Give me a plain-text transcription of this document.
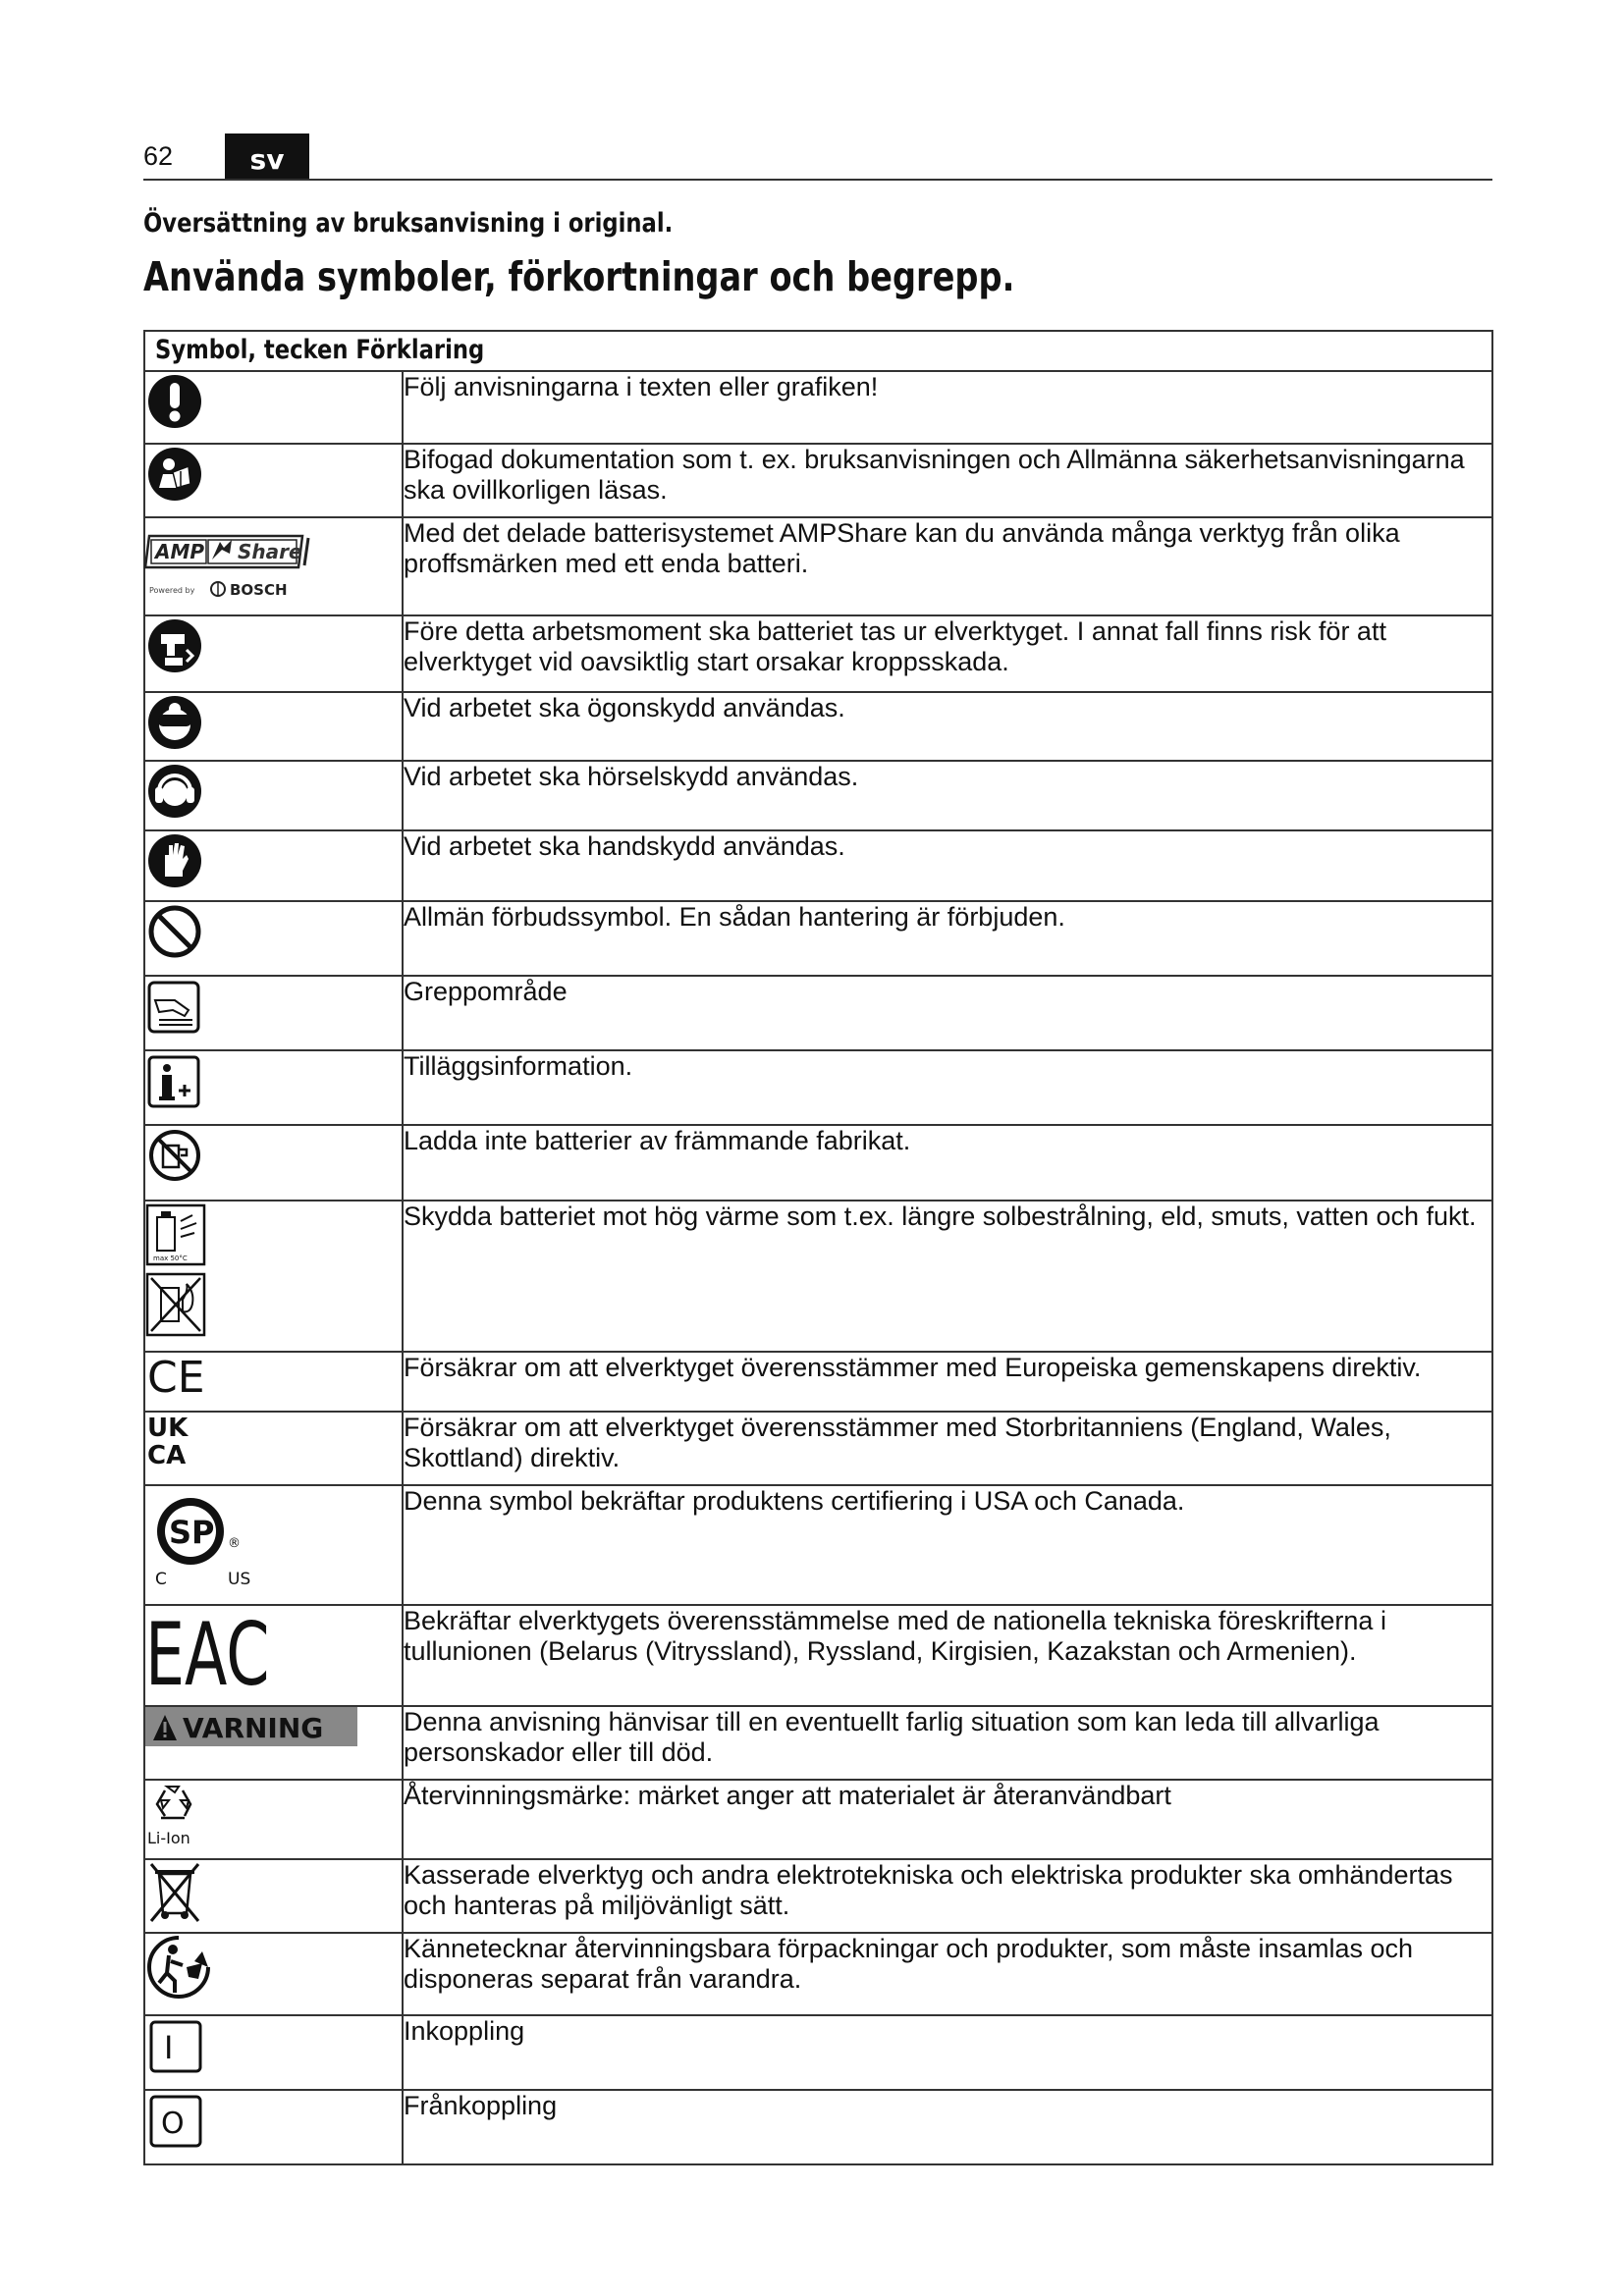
62	sv
Översättning av bruksanvisning i original.
Använda symboler, förkortningar och begrepp.
Symbol, tecken Förklaring	

	Följ anvisningarna i texten eller grafiken!

	Bifogad dokumentation som t. ex. bruksanvisningen och Allmänna säkerhetsanvisningarna ska ovillkorligen läsas.

AMP Share
Powered by BOSCH	Med det delade batterisystemet AMPShare kan du använda många verktyg från olika proffsmärken med ett enda batteri.

	Före detta arbetsmoment ska batteriet tas ur elverktyget. I annat fall finns risk för att elverktyget vid oavsiktlig start orsakar kroppsskada.

	Vid arbetet ska ögonskydd användas.

	Vid arbetet ska hörselskydd användas.

	Vid arbetet ska handskydd användas.

	Allmän förbudssymbol. En sådan hantering är förbjuden.

	Greppområde

	Tilläggsinformation.

	Ladda inte batterier av främmande fabrikat.

max 50°C	Skydda batteriet mot hög värme som t.ex. längre solbestrålning, eld, smuts, vatten och fukt.

CE	Försäkrar om att elverktyget överensstämmer med Europeiska gemenskapens direktiv.

UK
CA	Försäkrar om att elverktyget överensstämmer med Storbritanniens (England, Wales, Skottland) direktiv.

SP ®
C US	Denna symbol bekräftar produktens certifiering i USA och Canada.

EAC	Bekräftar elverktygets överensstämmelse med de nationella tekniska föreskrifterna i tullunionen (Belarus (Vitryssland), Ryssland, Kirgisien, Kazakstan och Armenien).

VARNING	Denna anvisning hänvisar till en eventuellt farlig situation som kan leda till allvarliga personskador eller till död.

Li-Ion	Återvinningsmärke: märket anger att materialet är återanvändbart

	Kasserade elverktyg och andra elektrotekniska och elektriska produkter ska omhändertas och hanteras på miljövänligt sätt.

	Kännetecknar återvinningsbara förpackningar och produkter, som måste insamlas och disponeras separat från varandra.

I	Inkoppling

O	Frånkoppling
